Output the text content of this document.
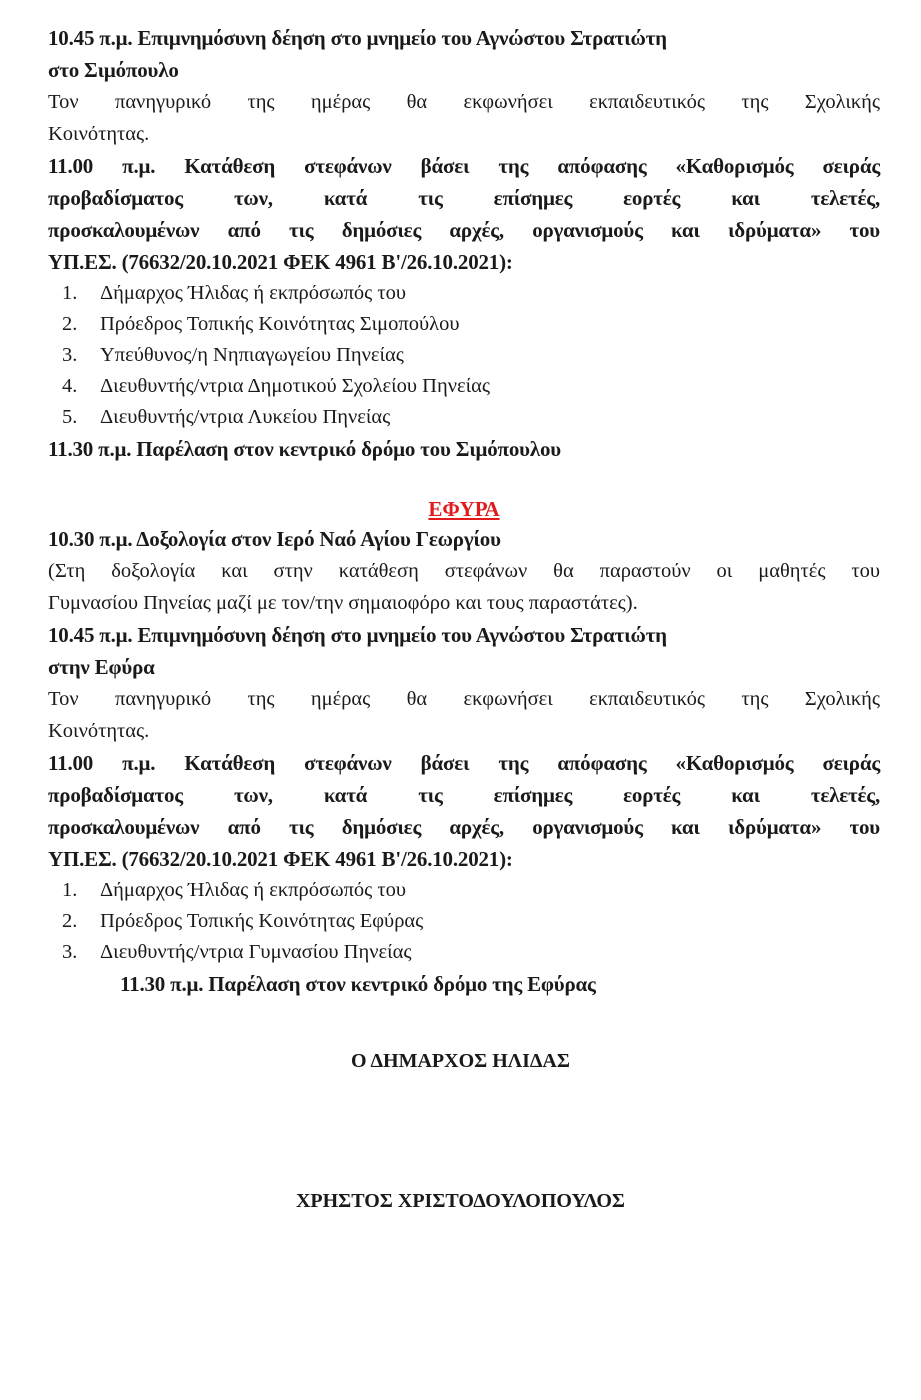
10.45 π.μ. Επιμνημόσυνη δέηση στο μνημείο του Αγνώστου Στρατιώτη

στο Σιμόπουλο

Τον πανηγυρικό της ημέρας θα εκφωνήσει εκπαιδευτικός της Σχολικής

Κοινότητας.

11.00 π.μ. Κατάθεση στεφάνων βάσει της απόφασης «Καθορισμός σειράς

προβαδίσματος των, κατά τις επίσημες εορτές και τελετές,

προσκαλουμένων από τις δημόσιες αρχές, οργανισμούς και ιδρύματα» του

ΥΠ.ΕΣ. (76632/20.10.2021 ΦΕΚ 4961 Β'/26.10.2021):

1.	Δήμαρχος Ήλιδας ή εκπρόσωπός του
2.	Πρόεδρος Τοπικής Κοινότητας Σιμοπούλου
3.	Υπεύθυνος/η Νηπιαγωγείου Πηνείας
4.	Διευθυντής/ντρια Δημοτικού Σχολείου Πηνείας
5.	Διευθυντής/ντρια Λυκείου Πηνείας

11.30 π.μ. Παρέλαση στον κεντρικό δρόμο του Σιμόπουλου

ΕΦΥΡΑ

10.30 π.μ. Δοξολογία στον Ιερό Ναό Αγίου Γεωργίου

(Στη δοξολογία και στην κατάθεση στεφάνων θα παραστούν οι μαθητές του

Γυμνασίου Πηνείας μαζί με τον/την σημαιοφόρο και τους παραστάτες).

10.45 π.μ. Επιμνημόσυνη δέηση στο μνημείο του Αγνώστου Στρατιώτη

στην Εφύρα

Τον πανηγυρικό της ημέρας θα εκφωνήσει εκπαιδευτικός της Σχολικής

Κοινότητας.

11.00 π.μ. Κατάθεση στεφάνων βάσει της απόφασης «Καθορισμός σειράς

προβαδίσματος των, κατά τις επίσημες εορτές και τελετές,

προσκαλουμένων από τις δημόσιες αρχές, οργανισμούς και ιδρύματα» του

ΥΠ.ΕΣ. (76632/20.10.2021 ΦΕΚ 4961 Β'/26.10.2021):

1.	Δήμαρχος Ήλιδας ή εκπρόσωπός του
2.	Πρόεδρος Τοπικής Κοινότητας Εφύρας
3.	Διευθυντής/ντρια Γυμνασίου Πηνείας

11.30 π.μ. Παρέλαση στον κεντρικό δρόμο της Εφύρας

Ο ΔΗΜΑΡΧΟΣ ΗΛΙΔΑΣ
ΧΡΗΣΤΟΣ ΧΡΙΣΤΟΔΟΥΛΟΠΟΥΛΟΣ
